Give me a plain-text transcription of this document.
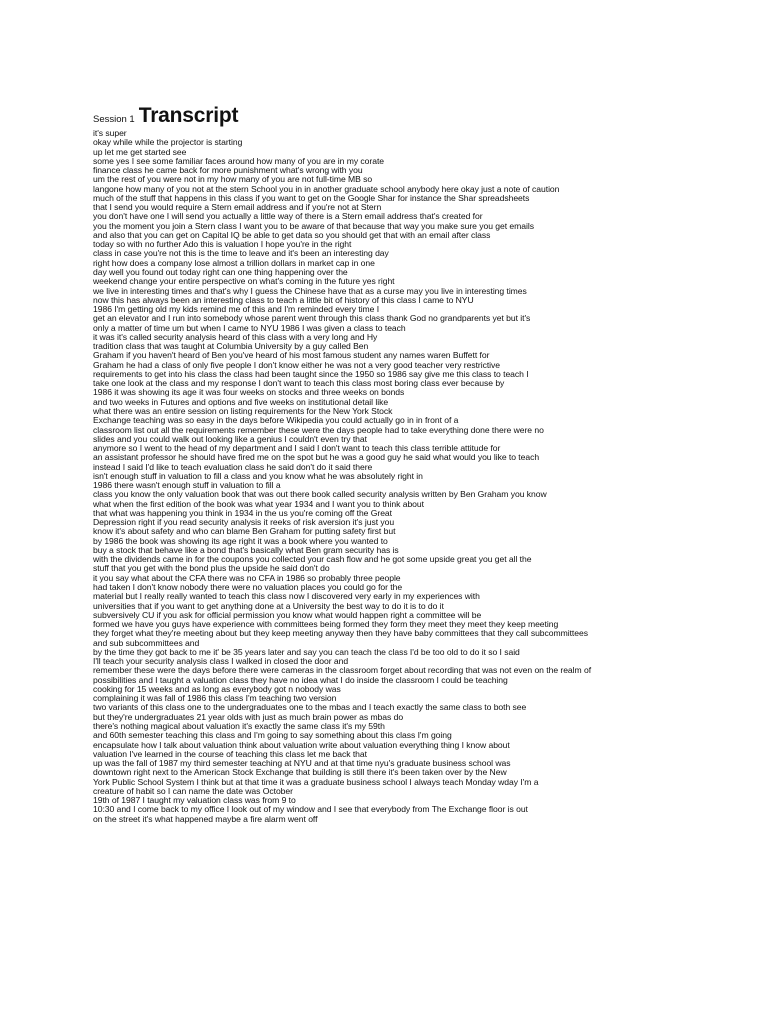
Session 1 Transcript
it's super
okay while while the projector is starting
up let me get started see
some yes I see some familiar faces around how many of you are in my corate
finance class he came back for more punishment what's wrong with you
um the rest of you were not in my how many of you are not full-time MB so
langone how many of you not at the stern School you in in another graduate school anybody here okay just a note of caution
much of the stuff that happens in this class if you want to get on the Google Shar for instance the Shar spreadsheets
that I send you would require a Stern email address and if you're not at Stern
you don't have one I will send you actually a little way of there is a Stern email address that's created for
you the moment you join a Stern class I want you to be aware of that because that way you make sure you get emails
and also that you can get on Capital IQ be able to get data so you should get that with an email after class
today so with no further Ado this is valuation I hope you're in the right
class in case you're not this is the time to leave and it's been an interesting day
right how does a company lose almost a trillion dollars in market cap in one
day well you found out today right can one thing happening over the
weekend change your entire perspective on what's coming in the future yes right
we live in interesting times and that's why I guess the Chinese have that as a curse may you live in interesting times
now this has always been an interesting class to teach a little bit of history of this class I came to NYU
1986 I'm getting old my kids remind me of this and I'm reminded every time I
get an elevator and I run into somebody whose parent went through this class thank God no grandparents yet but it's
only a matter of time um but when I came to NYU 1986 I was given a class to teach
it was it's called security analysis heard of this class with a very long and Hy
tradition class that was taught at Columbia University by a guy called Ben
Graham if you haven't heard of Ben you've heard of his most famous student any names waren Buffett for
Graham he had a class of only five people I don't know either he was not a very good teacher very restrictive
requirements to get into his class the class had been taught since the 1950 so 1986 say give me this class to teach I
take one look at the class and my response I don't want to teach this class most boring class ever because by
1986 it was showing its age it was four weeks on stocks and three weeks on bonds
and two weeks in Futures and options and five weeks on institutional detail like
what there was an entire session on listing requirements for the New York Stock
Exchange teaching was so easy in the days before Wikipedia you could actually go in in front of a
classroom list out all the requirements remember these were the days people had to take everything done there were no
slides and you could walk out looking like a genius I couldn't even try that
anymore so I went to the head of my department and I said I don't want to teach this class terrible attitude for
an assistant professor he should have fired me on the spot but he was a good guy he said what would you like to teach
instead I said I'd like to teach evaluation class he said don't do it said there
isn't enough stuff in valuation to fill a class and you know what he was absolutely right in
1986 there wasn't enough stuff in valuation to fill a
class you know the only valuation book that was out there book called security analysis written by Ben Graham you know
what when the first edition of the book was what year 1934 and I want you to think about
that what was happening you think in 1934 in the us you're coming off the Great
Depression right if you read security analysis it reeks of risk aversion it's just you
know it's about safety and who can blame Ben Graham for putting safety first but
by 1986 the book was showing its age right it was a book where you wanted to
buy a stock that behave like a bond that's basically what Ben gram security has is
with the dividends came in for the coupons you collected your cash flow and he got some upside great you get all the
stuff that you get with the bond plus the upside he said don't do
it you say what about the CFA there was no CFA in 1986 so probably three people
had taken I don't know nobody there were no valuation places you could go for the
material but I really really wanted to teach this class now I discovered very early in my experiences with
universities that if you want to get anything done at a University the best way to do it is to do it
subversively CU if you ask for official permission you know what would happen right a committee will be
formed we have you guys have experience with committees being formed they form they meet they meet they keep meeting
they forget what they're meeting about but they keep meeting anyway then they have baby committees that they call subcommittees
and sub subcommittees and
by the time they got back to me it' be 35 years later and say you can teach the class I'd be too old to do it so I said
I'll teach your security analysis class I walked in closed the door and
remember these were the days before there were cameras in the classroom forget about recording that was not even on the realm of
possibilities and I taught a valuation class they have no idea what I do inside the classroom I could be teaching
cooking for 15 weeks and as long as everybody got n nobody was
complaining it was fall of 1986 this class I'm teaching two version
two variants of this class one to the undergraduates one to the mbas and I teach exactly the same class to both see
but they're undergraduates 21 year olds with just as much brain power as mbas do
there's nothing magical about valuation it's exactly the same class it's my 59th
and 60th semester teaching this class and I'm going to say something about this class I'm going
encapsulate how I talk about valuation think about valuation write about valuation everything thing I know about
valuation I've learned in the course of teaching this class let me back that
up was the fall of 1987 my third semester teaching at NYU and at that time nyu's graduate business school was
downtown right next to the American Stock Exchange that building is still there it's been taken over by the New
York Public School System I think but at that time it was a graduate business school I always teach Monday wday I'm a
creature of habit so I can name the date was October
19th of 1987 I taught my valuation class was from 9 to
10:30 and I come back to my office I look out of my window and I see that everybody from The Exchange floor is out
on the street it's what happened maybe a fire alarm went off
